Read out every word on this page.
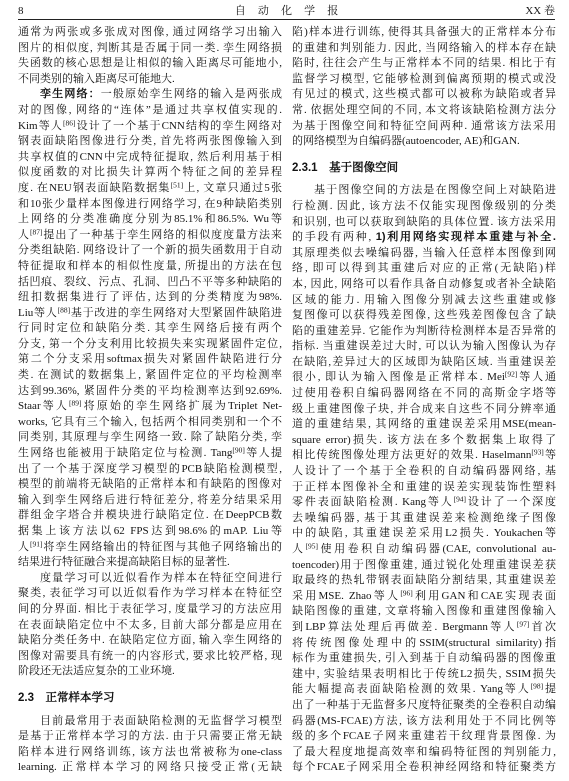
8	自动化学报	XX 卷
通常为两张或多张成对图像, 通过网络学习出输入
图片的相似度, 判断其是否属于同一类. 孪生网络损
失函数的核心思想是让相似的输入距离尽可能地小,
不同类别的输入距离尽可能地大.
孪生网络：一般原始孪生网络的输入是两张成
对的图像, 网络的“连体”是通过共享权值实现的.
Kim等人[86]设计了一个基于CNN结构的孪生网络对
钢表面缺陷图像进行分类, 首先将两张图像输入到
共享权值的CNN中完成特征提取, 然后利用基于相
似度函数的对比损失计算两个特征之间的差异程
度. 在NEU钢表面缺陷数据集[51]上, 文章只通过5张
和10张少量样本图像进行网络学习, 在9种缺陷类别
上网络的分类准确度分别为85.1%和86.5%. Wu等
人[87]提出了一种基于孪生网络的相似度度量方法来
分类组缺陷. 网络设计了一个新的损失函数用于自动
特征提取和样本的相似性度量, 所提出的方法在包
括凹痕、裂纹、污点、孔洞、凹凸不平等多种缺陷的
纽扣数据集进行了评估, 达到的分类精度为98%.
Liu等人[88]基于改进的孪生网络对大型紧固件缺陷进
行同时定位和缺陷分类. 其孪生网络后接有两个
分支, 第一个分支利用比较损失来实现紧固件定位,
第二个分支采用softmax损失对紧固件缺陷进行分
类. 在测试的数据集上, 紧固件定位的平均检测率
达到99.36%, 紧固件分类的平均检测率达到92.69%.
Staar等人[89]将原始的孪生网络扩展为Triplet Net-
works, 它具有三个输入, 包括两个相同类别和一个不
同类别, 其原理与孪生网络一致. 除了缺陷分类, 孪
生网络也能被用于缺陷定位与检测. Tang[90]等人提
出了一个基于深度学习模型的PCB缺陷检测模型,
模型的前端将无缺陷的正常样本和有缺陷的图像对
输入到孪生网络后进行特征差分, 将差分结果采用
群组金字塔合并模块进行缺陷定位. 在DeepPCB数
据集上该方法以62 FPS达到98.6%的mAP. Liu等
人[91]将孪生网络输出的特征图与其他子网络输出的
结果进行特征融合来提高缺陷目标的显著性.
度量学习可以近似看作为样本在特征空间进行
聚类, 表征学习可以近似看作为学习样本在特征空
间的分界面. 相比于表征学习, 度量学习的方法应用
在表面缺陷定位中不太多, 目前大部分都是应用在
缺陷分类任务中. 在缺陷定位方面, 输入孪生网络的
图像对需要具有统一的内容形式, 要求比较严格, 现
阶段还无法适应复杂的工业环境.
2.3 正常样本学习
目前最常用于表面缺陷检测的无监督学习模型
是基于正常样本学习的方法. 由于只需要正常无缺
陷样本进行网络训练, 该方法也常被称为one-class
learning. 正常样本学习的网络只接受正常(无缺
陷)样本进行训练, 使得其具备强大的正常样本分布
的重建和判别能力. 因此, 当网络输入的样本存在缺
陷时, 往往会产生与正常样本不同的结果. 相比于有
监督学习模型, 它能够检测到偏离预期的模式或没
有见过的模式, 这些模式都可以被称为缺陷或者异
常. 依据处理空间的不同, 本文将该缺陷检测方法分
为基于图像空间和特征空间两种. 通常该方法采用
的网络模型为自编码器(autoencoder, AE)和GAN.
2.3.1 基于图像空间
基于图像空间的方法是在图像空间上对缺陷进
行检测. 因此, 该方法不仅能实现图像级别的分类
和识别, 也可以获取到缺陷的具体位置. 该方法采用
的手段有两种, 1)利用网络实现样本重建与补全.
其原理类似去噪编码器, 当输入任意样本图像到网
络, 即可以得到其重建后对应的正常(无缺陷)样
本, 因此, 网络可以看作具备自动修复或者补全缺陷
区域的能力. 用输入图像分别减去这些重建或修
复图像可以获得残差图像, 这些残差图像包含了缺
陷的重建差异. 它能作为判断待检测样本是否异常的
指标. 当重建误差过大时, 可以认为输入图像认为存
在缺陷,差异过大的区域即为缺陷区域. 当重建误差
很小, 即认为输入图像是正常样本. Mei[92]等人通
过使用卷积自编码器网络在不同的高斯金字塔等
级上重建图像子块, 并合成来自这些不同分辨率通
道的重建结果, 其网络的重建误差采用MSE(mean-
square error)损失. 该方法在多个数据集上取得了
相比传统图像处理方法更好的效果. Haselmann[93]等
人设计了一个基于全卷积的自动编码器网络, 基
于正样本图像补全和重建的误差实现装饰性塑料
零件表面缺陷检测. Kang等人[94]设计了一个深度
去噪编码器, 基于其重建误差来检测绝缘子图像
中的缺陷, 其重建误差采用L2损失. Youkachen等
人[95]使用卷积自动编码器(CAE, convolutional au-
toencoder)用于图像重建, 通过锐化处理重建误差获
取最终的热轧带钢表面缺陷分割结果, 其重建误差
采用MSE. Zhao等人[96]利用GAN和CAE实现表面
缺陷图像的重建, 文章将输入图像和重建图像输入
到LBP算法处理后再做差. Bergmann等人[97]首次
将传统图像处理中的SSIM(structural similarity)指
标作为重建损失, 引入到基于自动编码器的图像重
建中, 实验结果表明相比于传统L2损失, SSIM损失
能大幅提高表面缺陷检测的效果. Yang等人[98]提
出了一种基于无监督多尺度特征聚类的全卷积自动编
码器(MS-FCAE)方法, 该方法利用处于不同比例等
级的多个FCAE子网来重建若干纹理背景图像. 为
了最大程度地提高效率和编码特征图的判别能力,
每个FCAE子网采用全卷积神经网络和特征聚类方
